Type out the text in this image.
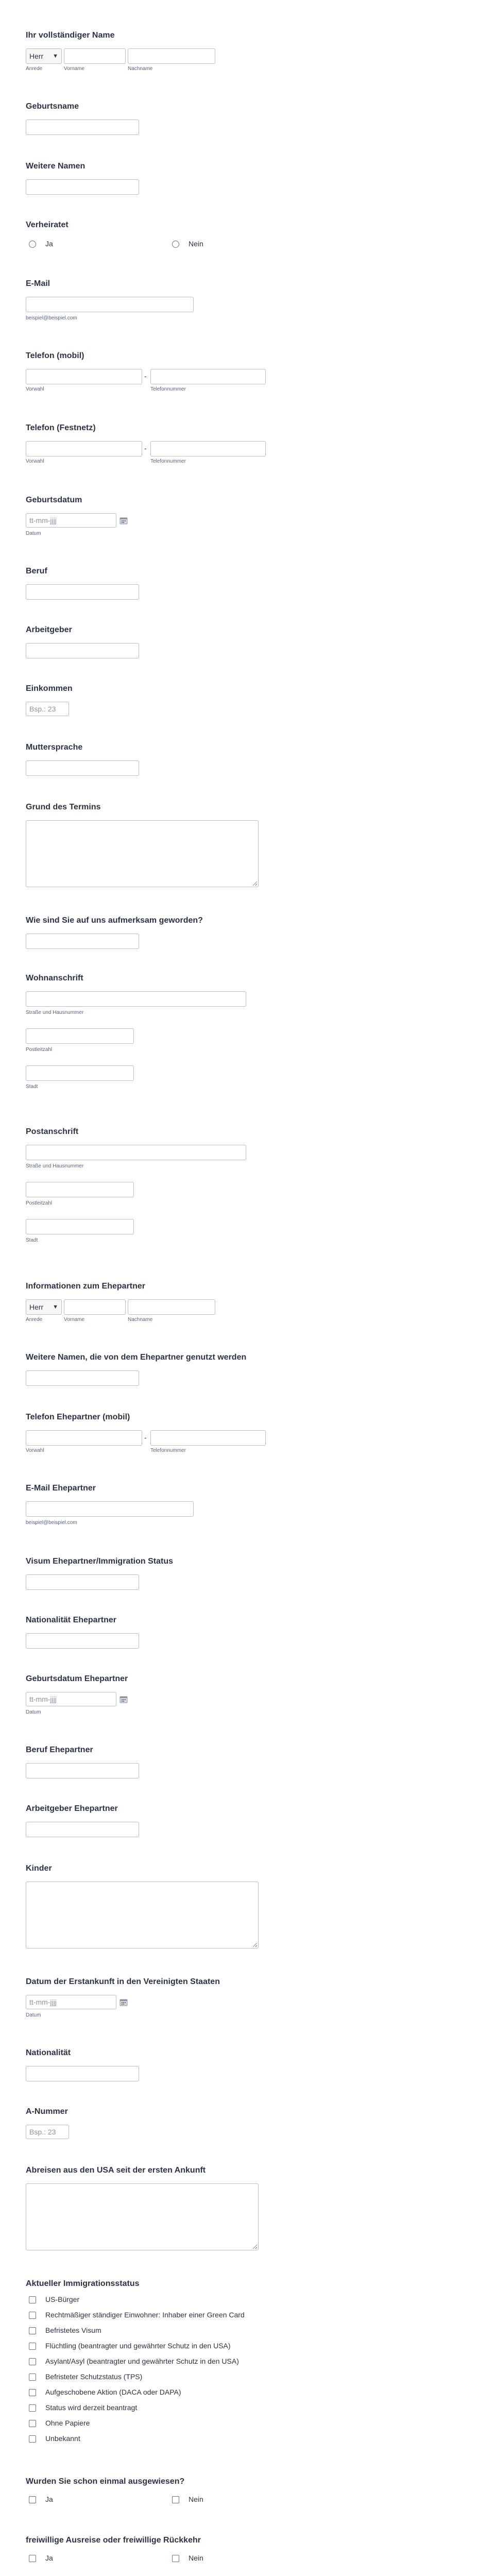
Ihr vollständiger Name
Herr ▼
Anrede	Vorname	Nachname
Geburtsname
Weitere Namen
Verheiratet
Ja	Nein
E-Mail
beispiel@beispiel.com
Telefon (mobil)
-
Vorwahl	Telefonnummer
Telefon (Festnetz)
-
Vorwahl	Telefonnummer
Geburtsdatum
tt-mm-jjjj
Datum
Beruf
Arbeitgeber
Einkommen
Bsp.: 23
Muttersprache
Grund des Termins
Wie sind Sie auf uns aufmerksam geworden?
Wohnanschrift
Straße und Hausnummer
Postleitzahl
Stadt
Postanschrift
Straße und Hausnummer
Postleitzahl
Stadt
Informationen zum Ehepartner
Herr ▼
Anrede	Vorname	Nachname
Weitere Namen, die von dem Ehepartner genutzt werden
Telefon Ehepartner (mobil)
-
Vorwahl	Telefonnummer
E-Mail Ehepartner
beispiel@beispiel.com
Visum Ehepartner/Immigration Status
Nationalität Ehepartner
Geburtsdatum Ehepartner
tt-mm-jjjj
Datum
Beruf Ehepartner
Arbeitgeber Ehepartner
Kinder
Datum der Erstankunft in den Vereinigten Staaten
tt-mm-jjjj
Datum
Nationalität
A-Nummer
Bsp.: 23
Abreisen aus den USA seit der ersten Ankunft
Aktueller Immigrationsstatus
US-Bürger
Rechtmäßiger ständiger Einwohner: Inhaber einer Green Card
Befristetes Visum
Flüchtling (beantragter und gewährter Schutz in den USA)
Asylant/Asyl (beantragter und gewährter Schutz in den USA)
Befristeter Schutzstatus (TPS)
Aufgeschobene Aktion (DACA oder DAPA)
Status wird derzeit beantragt
Ohne Papiere
Unbekannt
Wurden Sie schon einmal ausgewiesen?
Ja	Nein
freiwillige Ausreise oder freiwillige Rückkehr
Ja	Nein
